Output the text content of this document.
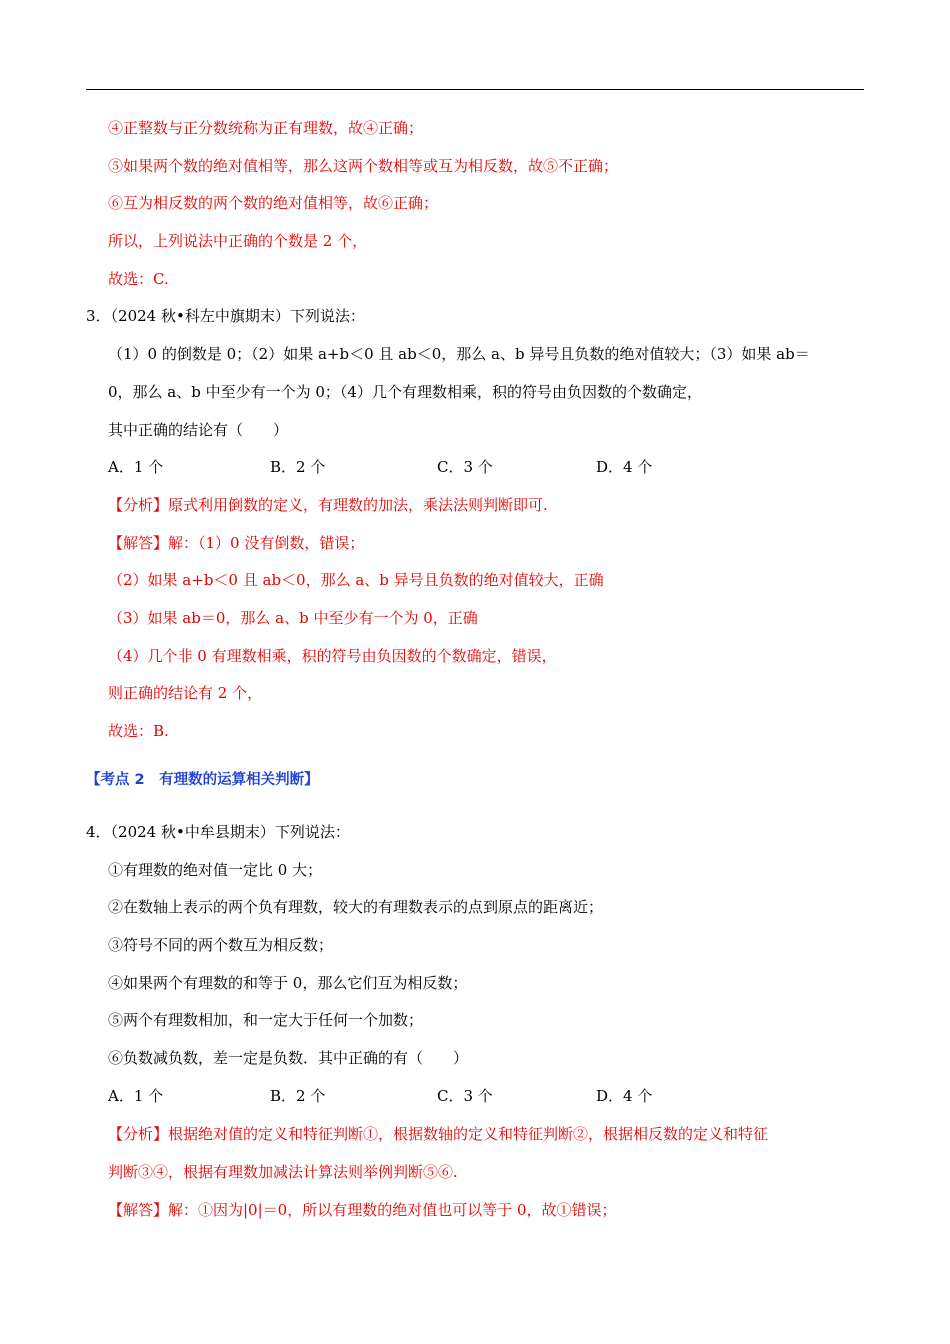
④正整数与正分数统称为正有理数，故④正确；
⑤如果两个数的绝对值相等，那么这两个数相等或互为相反数，故⑤不正确；
⑥互为相反数的两个数的绝对值相等，故⑥正确；
所以，上列说法中正确的个数是 2 个，
故选：C.
3．（2024 秋•科左中旗期末）下列说法：
（1）0 的倒数是 0；（2）如果 a+b＜0 且 ab＜0，那么 a、b 异号且负数的绝对值较大；（3）如果 ab＝
0，那么 a、b 中至少有一个为 0；（4）几个有理数相乘，积的符号由负因数的个数确定，
其中正确的结论有（　　）
A．1 个	B．2 个	C．3 个	D．4 个
【分析】原式利用倒数的定义，有理数的加法，乘法法则判断即可.
【解答】解：（1）0 没有倒数，错误；
（2）如果 a+b＜0 且 ab＜0，那么 a、b 异号且负数的绝对值较大，正确
（3）如果 ab＝0，那么 a、b 中至少有一个为 0，正确
（4）几个非 0 有理数相乘，积的符号由负因数的个数确定，错误，
则正确的结论有 2 个，
故选：B.
【考点 2　有理数的运算相关判断】
4．（2024 秋•中牟县期末）下列说法：
①有理数的绝对值一定比 0 大；
②在数轴上表示的两个负有理数，较大的有理数表示的点到原点的距离近；
③符号不同的两个数互为相反数；
④如果两个有理数的和等于 0，那么它们互为相反数；
⑤两个有理数相加，和一定大于任何一个加数；
⑥负数减负数，差一定是负数．其中正确的有（　　）
A．1 个	B．2 个	C．3 个	D．4 个
【分析】根据绝对值的定义和特征判断①，根据数轴的定义和特征判断②，根据相反数的定义和特征
判断③④，根据有理数加减法计算法则举例判断⑤⑥.
【解答】解：①因为|0|＝0，所以有理数的绝对值也可以等于 0，故①错误；
